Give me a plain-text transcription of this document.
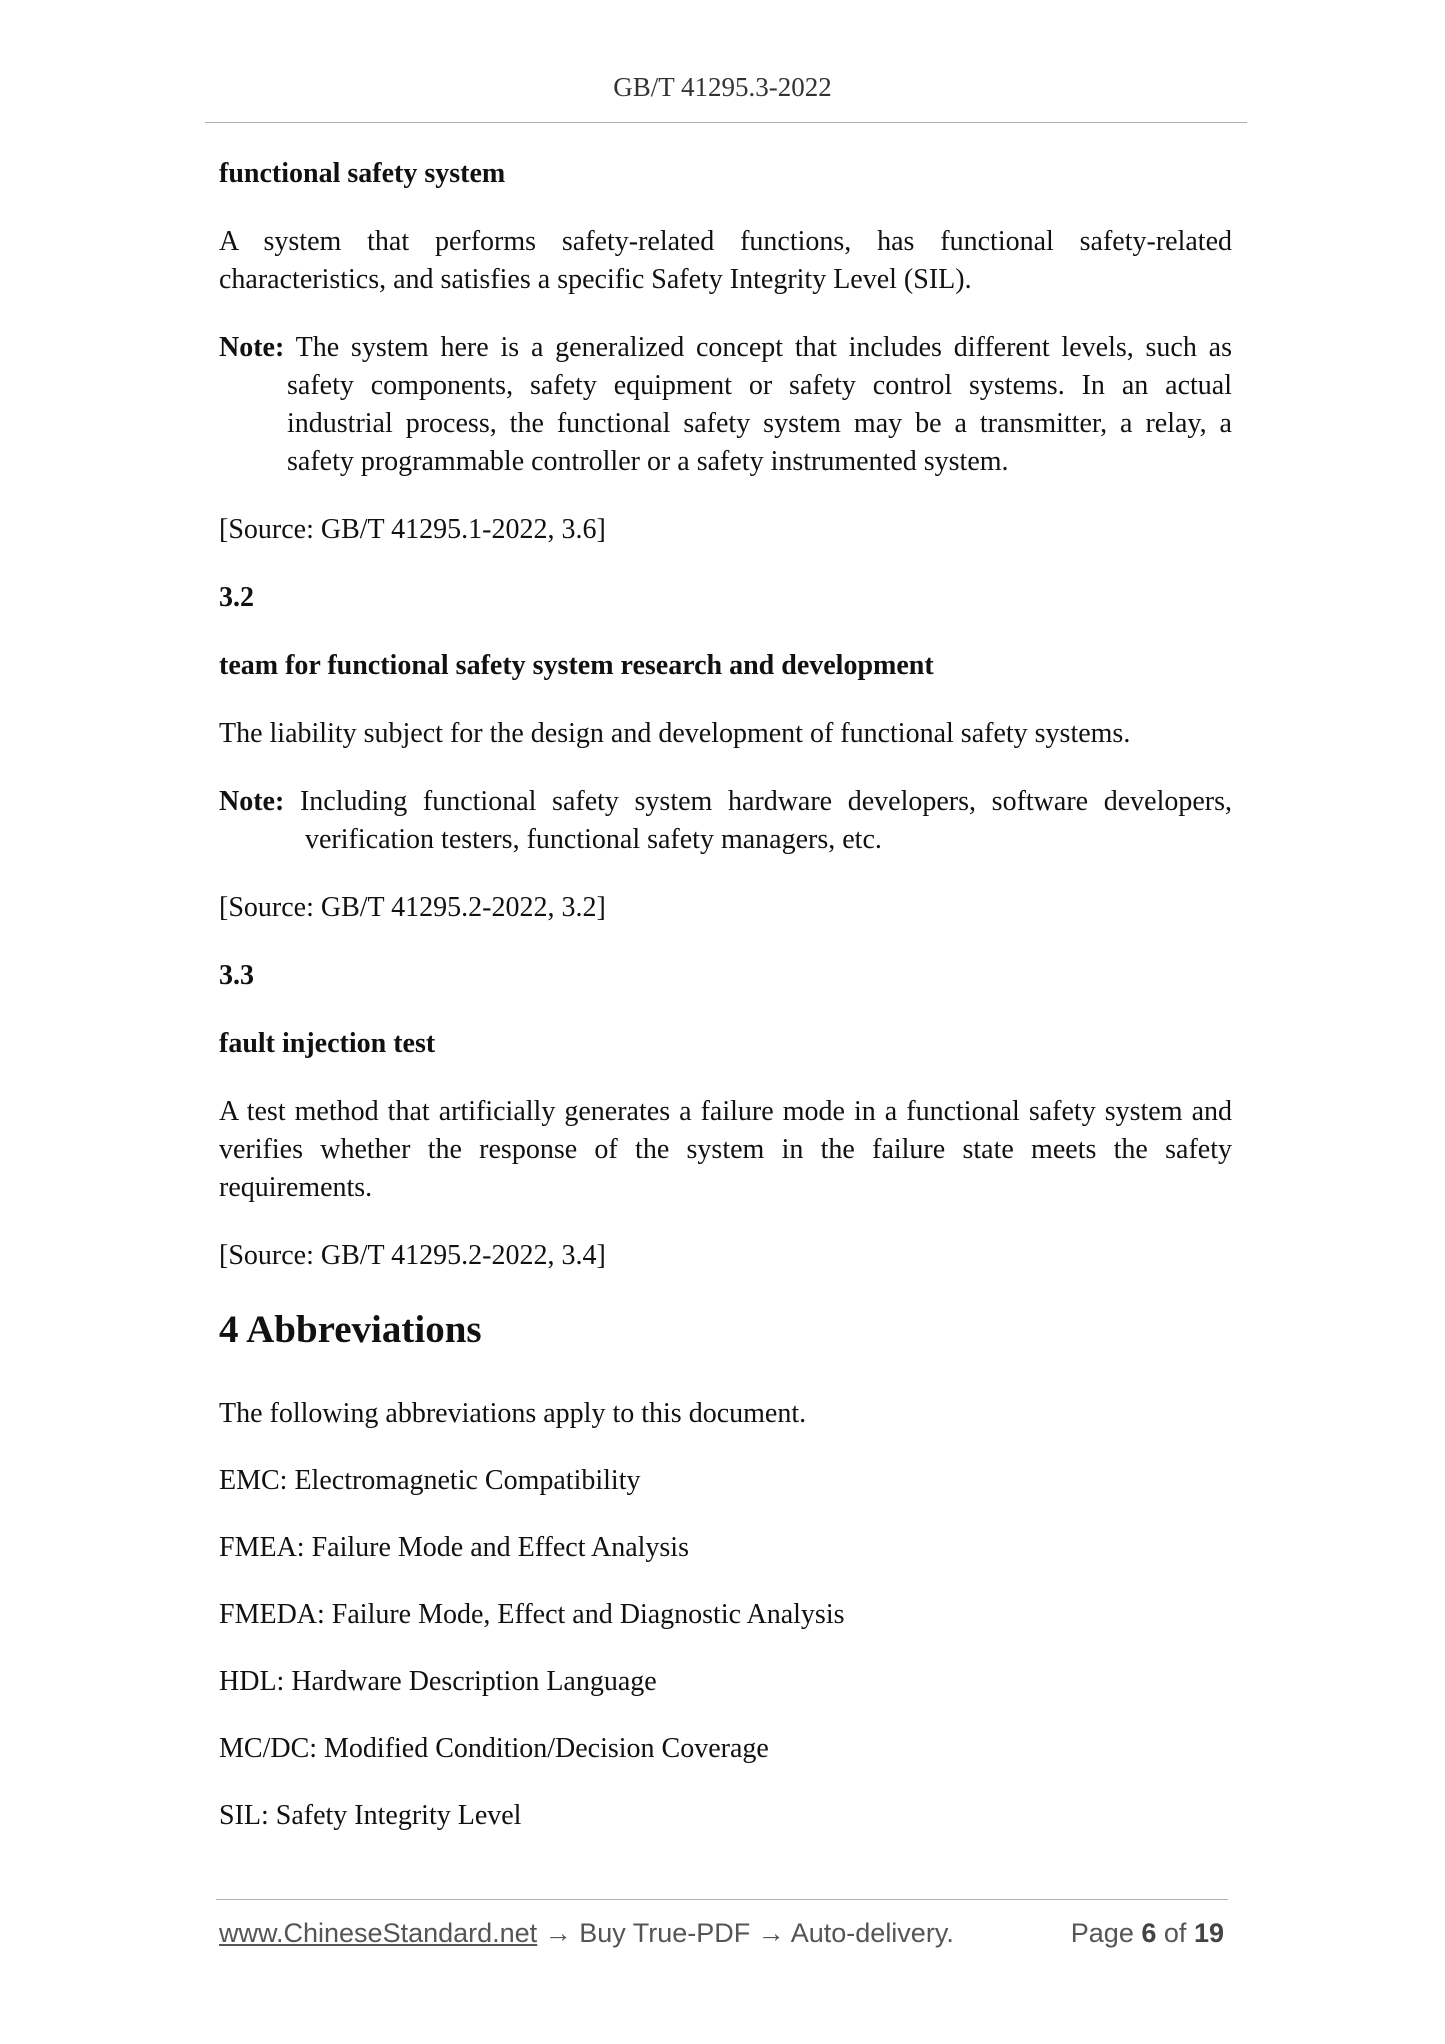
GB/T 41295.3-2022

functional safety system

A system that performs safety-related functions, has functional safety-related characteristics, and satisfies a specific Safety Integrity Level (SIL).

Note: The system here is a generalized concept that includes different levels, such as safety components, safety equipment or safety control systems. In an actual industrial process, the functional safety system may be a transmitter, a relay, a safety programmable controller or a safety instrumented system.

[Source: GB/T 41295.1-2022, 3.6]

3.2

team for functional safety system research and development

The liability subject for the design and development of functional safety systems.

Note: Including functional safety system hardware developers, software developers, verification testers, functional safety managers, etc.

[Source: GB/T 41295.2-2022, 3.2]

3.3

fault injection test

A test method that artificially generates a failure mode in a functional safety system and verifies whether the response of the system in the failure state meets the safety requirements.

[Source: GB/T 41295.2-2022, 3.4]

4 Abbreviations

The following abbreviations apply to this document.

EMC: Electromagnetic Compatibility

FMEA: Failure Mode and Effect Analysis

FMEDA: Failure Mode, Effect and Diagnostic Analysis

HDL: Hardware Description Language

MC/DC: Modified Condition/Decision Coverage

SIL: Safety Integrity Level

www.ChineseStandard.net → Buy True-PDF → Auto-delivery.	Page 6 of 19
